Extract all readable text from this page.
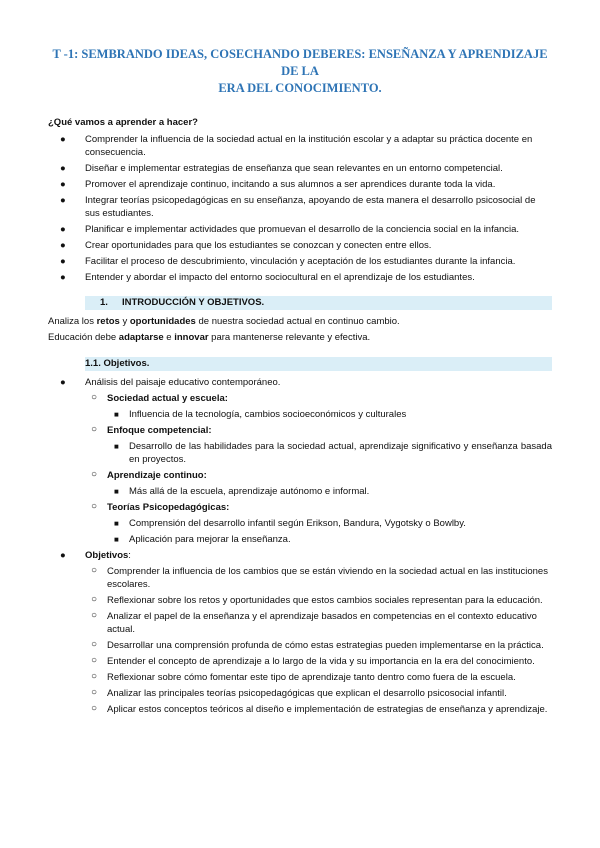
T -1: SEMBRANDO IDEAS, COSECHANDO DEBERES: ENSEÑANZA Y APRENDIZAJE DE LA
ERA DEL CONOCIMIENTO.
¿Qué vamos a aprender a hacer?
● Comprender la influencia de la sociedad actual en la institución escolar y a adaptar su práctica docente en consecuencia.
● Diseñar e implementar estrategias de enseñanza que sean relevantes en un entorno competencial.
● Promover el aprendizaje continuo, incitando a sus alumnos a ser aprendices durante toda la vida.
● Integrar teorías psicopedagógicas en su enseñanza, apoyando de esta manera el desarrollo psicosocial de sus estudiantes.
● Planificar e implementar actividades que promuevan el desarrollo de la conciencia social en la infancia.
● Crear oportunidades para que los estudiantes se conozcan y conecten entre ellos.
● Facilitar el proceso de descubrimiento, vinculación y aceptación de los estudiantes durante la infancia.
● Entender y abordar el impacto del entorno sociocultural en el aprendizaje de los estudiantes.
1. INTRODUCCIÓN Y OBJETIVOS.
Analiza los retos y oportunidades de nuestra sociedad actual en continuo cambio.
Educación debe adaptarse e innovar para mantenerse relevante y efectiva.
1.1. Objetivos.
● Análisis del paisaje educativo contemporáneo.
○ Sociedad actual y escuela:
■ Influencia de la tecnología, cambios socioeconómicos y culturales
○ Enfoque competencial:
■ Desarrollo de las habilidades para la sociedad actual, aprendizaje significativo y enseñanza basada en proyectos.
○ Aprendizaje continuo:
■ Más allá de la escuela, aprendizaje autónomo e informal.
○ Teorías Psicopedagógicas:
■ Comprensión del desarrollo infantil según Erikson, Bandura, Vygotsky o Bowlby.
■ Aplicación para mejorar la enseñanza.
● Objetivos:
○ Comprender la influencia de los cambios que se están viviendo en la sociedad actual en las instituciones escolares.
○ Reflexionar sobre los retos y oportunidades que estos cambios sociales representan para la educación.
○ Analizar el papel de la enseñanza y el aprendizaje basados en competencias en el contexto educativo actual.
○ Desarrollar una comprensión profunda de cómo estas estrategias pueden implementarse en la práctica.
○ Entender el concepto de aprendizaje a lo largo de la vida y su importancia en la era del conocimiento.
○ Reflexionar sobre cómo fomentar este tipo de aprendizaje tanto dentro como fuera de la escuela.
○ Analizar las principales teorías psicopedagógicas que explican el desarrollo psicosocial infantil.
○ Aplicar estos conceptos teóricos al diseño e implementación de estrategias de enseñanza y aprendizaje.
